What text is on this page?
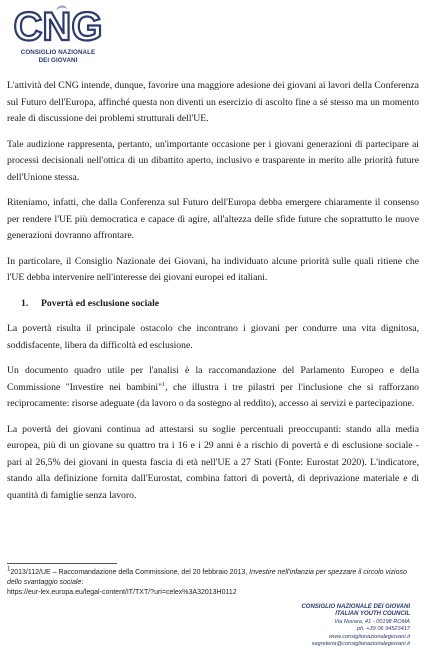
CNG
CONSIGLIO NAZIONALE
DEI GIOVANI

L'attività del CNG intende, dunque, favorire una maggiore adesione dei giovani ai lavori della Conferenza sul Futuro dell'Europa, affinché questa non diventi un esercizio di ascolto fine a sé stesso ma un momento reale di discussione dei problemi strutturali dell'UE.

Tale audizione rappresenta, pertanto, un'importante occasione per i giovani generazioni di partecipare ai processi decisionali nell'ottica di un dibattito aperto, inclusivo e trasparente in merito alle priorità future dell'Unione stessa.

Riteniamo, infatti, che dalla Conferenza sul Futuro dell'Europa debba emergere chiaramente il consenso per rendere l'UE più democratica e capace di agire, all'altezza delle sfide future che soprattutto le nuove generazioni dovranno affrontare.

In particolare, il Consiglio Nazionale dei Giovani, ha individuato alcune priorità sulle quali ritiene che l'UE debba intervenire nell'interesse dei giovani europei ed italiani.

1. Povertà ed esclusione sociale

La povertà risulta il principale ostacolo che incontrano i giovani per condurre una vita dignitosa, soddisfacente, libera da difficoltà ed esclusione.

Un documento quadro utile per l'analisi è la raccomandazione del Parlamento Europeo e della Commissione "Investire nei bambini"$^1$, che illustra i tre pilastri per l'inclusione che si rafforzano reciprocamente: risorse adeguate (da lavoro o da sostegno al reddito), accesso ai servizi e partecipazione.

La povertà dei giovani continua ad attestarsi su soglie percentuali preoccupanti: stando alla media europea, più di un giovane su quattro tra i 16 e i 29 anni è a rischio di povertà e di esclusione sociale - pari al 26,5% dei giovani in questa fascia di età nell'UE a 27 Stati (Fonte: Eurostat 2020). L'indicatore, stando alla definizione fornita dall'Eurostat, combina fattori di povertà, di deprivazione materiale e di quantità di famiglie senza lavoro.

$^1$2013/112/UE – Raccomandazione della Commissione, del 20 febbraio 2013, Investire nell'infanzia per spezzare il circolo vizioso dello svantaggio sociale:
https://eur-lex.europa.eu/legal-content/IT/TXT/?uri=celex%3A32013H0112
CONSIGLIO NAZIONALE DEI GIOVANI
ITALIAN YOUTH COUNCIL
Via Novara, 41 - 00198 ROMA
ph. +39 06 94523417
www.consiglionazionalegiovani.it
segreteria@consiglionazionalegiovani.it
